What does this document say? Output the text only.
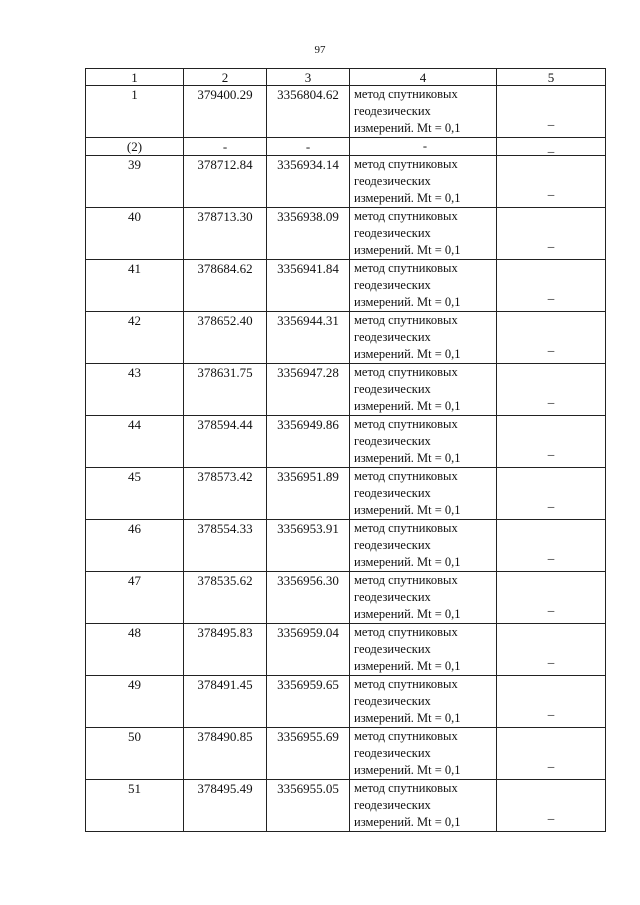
97
1	2	3	4	5
1	379400.29	3356804.62	метод спутниковых
геодезических
измерений. Mt = 0,1	_
(2)	-	-	-	_
39	378712.84	3356934.14	метод спутниковых
геодезических
измерений. Mt = 0,1	_
40	378713.30	3356938.09	метод спутниковых
геодезических
измерений. Mt = 0,1	_
41	378684.62	3356941.84	метод спутниковых
геодезических
измерений. Mt = 0,1	_
42	378652.40	3356944.31	метод спутниковых
геодезических
измерений. Mt = 0,1	_
43	378631.75	3356947.28	метод спутниковых
геодезических
измерений. Mt = 0,1	_
44	378594.44	3356949.86	метод спутниковых
геодезических
измерений. Mt = 0,1	_
45	378573.42	3356951.89	метод спутниковых
геодезических
измерений. Mt = 0,1	_
46	378554.33	3356953.91	метод спутниковых
геодезических
измерений. Mt = 0,1	_
47	378535.62	3356956.30	метод спутниковых
геодезических
измерений. Mt = 0,1	_
48	378495.83	3356959.04	метод спутниковых
геодезических
измерений. Mt = 0,1	_
49	378491.45	3356959.65	метод спутниковых
геодезических
измерений. Mt = 0,1	_
50	378490.85	3356955.69	метод спутниковых
геодезических
измерений. Mt = 0,1	_
51	378495.49	3356955.05	метод спутниковых
геодезических
измерений. Mt = 0,1	_
